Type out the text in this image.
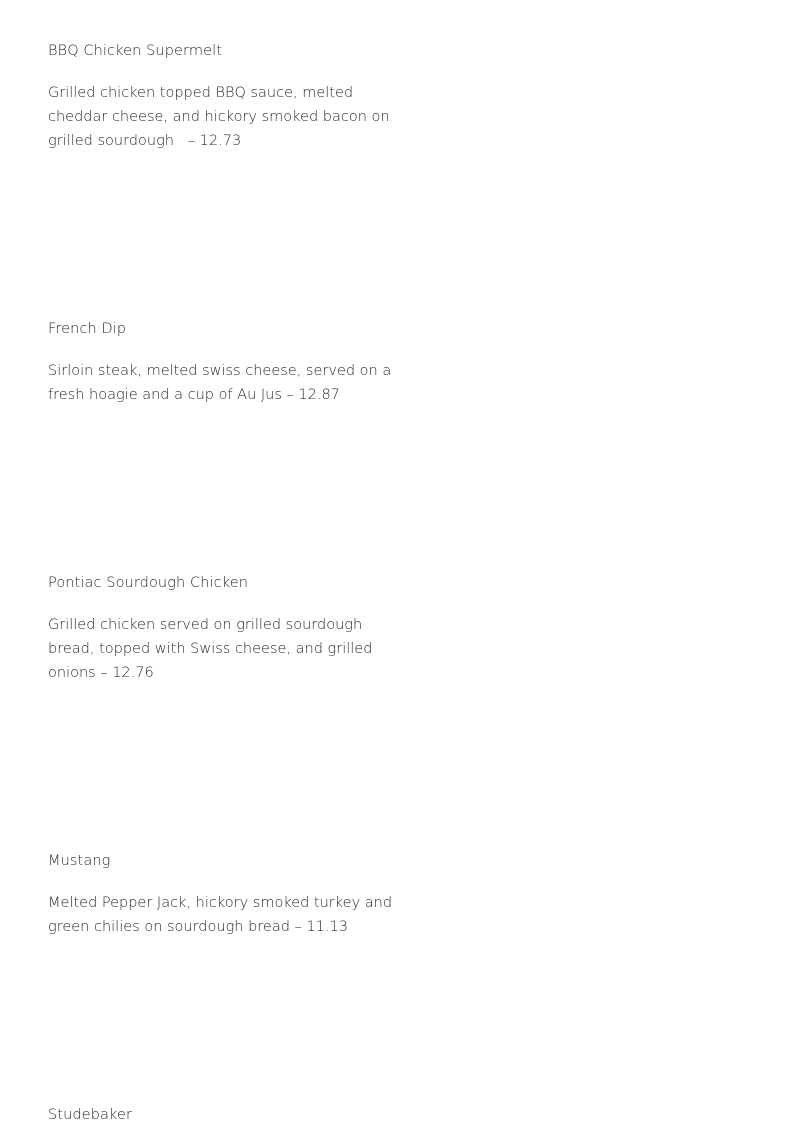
BBQ Chicken Supermelt

Grilled chicken topped BBQ sauce, melted cheddar cheese, and hickory smoked bacon on grilled sourdough   – 12.73

French Dip

Sirloin steak, melted swiss cheese, served on a fresh hoagie and a cup of Au Jus – 12.87

Pontiac Sourdough Chicken

Grilled chicken served on grilled sourdough bread, topped with Swiss cheese, and grilled onions – 12.76

Mustang

Melted Pepper Jack, hickory smoked turkey and green chilies on sourdough bread – 11.13

Studebaker
